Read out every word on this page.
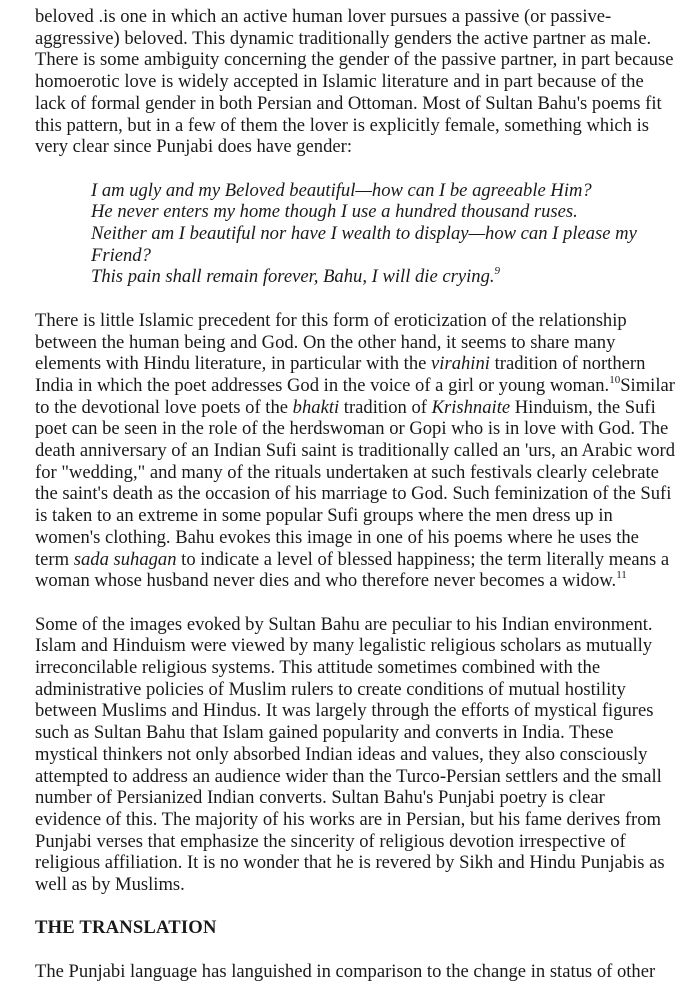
beloved .is one in which an active human lover pursues a passive (or passive-aggressive) beloved. This dynamic traditionally genders the active partner as male. There is some ambiguity concerning the gender of the passive partner, in part because homoerotic love is widely accepted in Islamic literature and in part because of the lack of formal gender in both Persian and Ottoman. Most of Sultan Bahu's poems fit this pattern, but in a few of them the lover is explicitly female, something which is very clear since Punjabi does have gender:

I am ugly and my Beloved beautiful—how can I be agreeable Him?
He never enters my home though I use a hundred thousand ruses.
Neither am I beautiful nor have I wealth to display—how can I please my Friend?
This pain shall remain forever, Bahu, I will die crying.$^9$

There is little Islamic precedent for this form of eroticization of the relationship between the human being and God. On the other hand, it seems to share many elements with Hindu literature, in particular with the virahini tradition of northern India in which the poet addresses God in the voice of a girl or young woman.$^{10}$Similar to the devotional love poets of the bhakti tradition of Krishnaite Hinduism, the Sufi poet can be seen in the role of the herdswoman or Gopi who is in love with God. The death anniversary of an Indian Sufi saint is traditionally called an 'urs, an Arabic word for "wedding," and many of the rituals undertaken at such festivals clearly celebrate the saint's death as the occasion of his marriage to God. Such feminization of the Sufi is taken to an extreme in some popular Sufi groups where the men dress up in women's clothing. Bahu evokes this image in one of his poems where he uses the term sada suhagan to indicate a level of blessed happiness; the term literally means a woman whose husband never dies and who therefore never becomes a widow.$^{11}$

Some of the images evoked by Sultan Bahu are peculiar to his Indian environment. Islam and Hinduism were viewed by many legalistic religious scholars as mutually irreconcilable religious systems. This attitude sometimes combined with the administrative policies of Muslim rulers to create conditions of mutual hostility between Muslims and Hindus. It was largely through the efforts of mystical figures such as Sultan Bahu that Islam gained popularity and converts in India. These mystical thinkers not only absorbed Indian ideas and values, they also consciously attempted to address an audience wider than the Turco-Persian settlers and the small number of Persianized Indian converts. Sultan Bahu's Punjabi poetry is clear evidence of this. The majority of his works are in Persian, but his fame derives from Punjabi verses that emphasize the sincerity of religious devotion irrespective of religious affiliation. It is no wonder that he is revered by Sikh and Hindu Punjabis as well as by Muslims.

THE TRANSLATION

The Punjabi language has languished in comparison to the change in status of other
